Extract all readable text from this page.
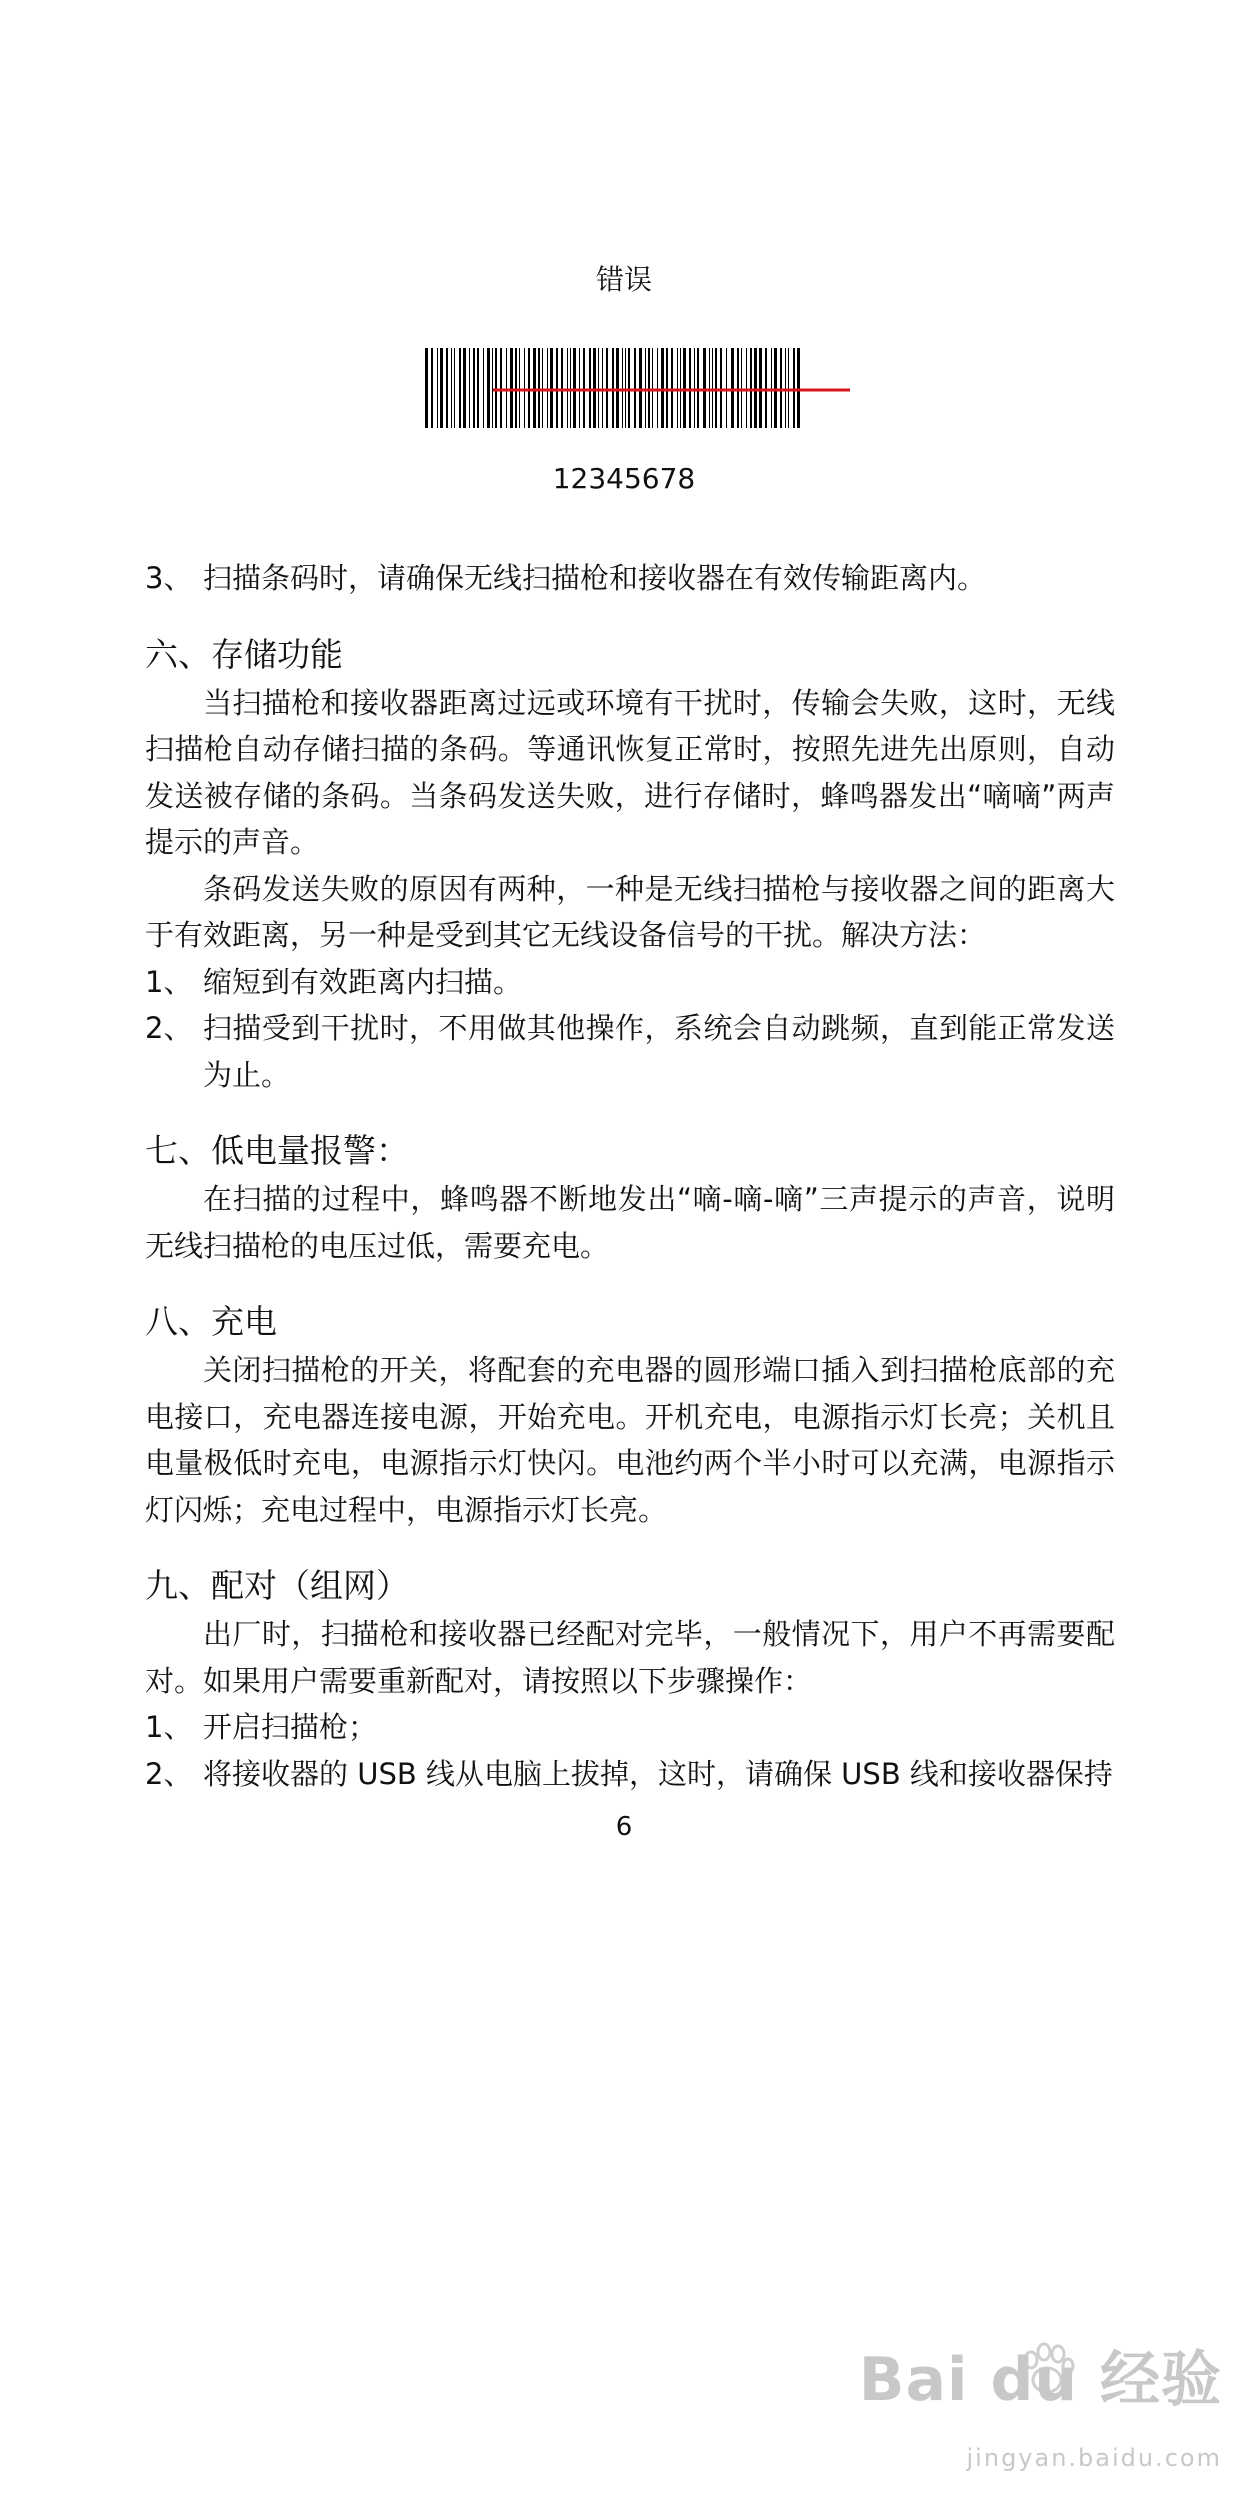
错误
12345678
3、 扫描条码时，请确保无线扫描枪和接收器在有效传输距离内。
六、存储功能

当扫描枪和接收器距离过远或环境有干扰时，传输会失败，这时，无线扫描枪自动存储扫描的条码。等通讯恢复正常时，按照先进先出原则，自动发送被存储的条码。当条码发送失败，进行存储时，蜂鸣器发出“嘀嘀”两声提示的声音。

条码发送失败的原因有两种，一种是无线扫描枪与接收器之间的距离大于有效距离，另一种是受到其它无线设备信号的干扰。解决方法：

1、 缩短到有效距离内扫描。
2、 扫描受到干扰时，不用做其他操作，系统会自动跳频，直到能正常发送为止。
七、低电量报警：

在扫描的过程中，蜂鸣器不断地发出“嘀-嘀-嘀”三声提示的声音，说明无线扫描枪的电压过低，需要充电。

八、充电

关闭扫描枪的开关，将配套的充电器的圆形端口插入到扫描枪底部的充电接口，充电器连接电源，开始充电。开机充电，电源指示灯长亮；关机且电量极低时充电，电源指示灯快闪。电池约两个半小时可以充满，电源指示灯闪烁；充电过程中，电源指示灯长亮。

九、配对（组网）

出厂时，扫描枪和接收器已经配对完毕，一般情况下，用户不再需要配对。如果用户需要重新配对，请按照以下步骤操作：

1、 开启扫描枪；
2、 将接收器的 USB 线从电脑上拔掉，这时，请确保 USB 线和接收器保持
6
Bai du 经验
jingyan.baidu.com
